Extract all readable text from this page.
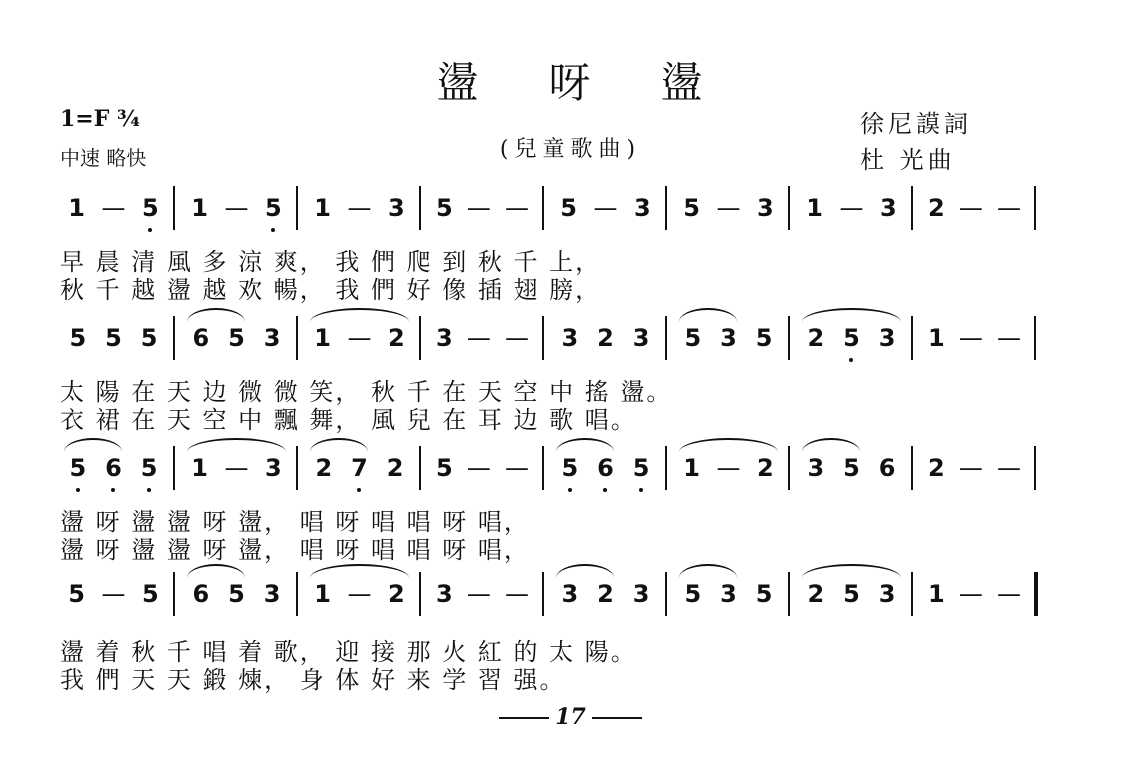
盪 呀 盪
1=F ¾
中速 略快	(兒童歌曲)
徐尼謨詞
杜 光曲
1 — 5 1 — 5 1 — 3 5 — — 5 — 3 5 — 3 1 — 3 2 — —
早 晨 清 風 多 涼 爽， 我 們 爬 到 秋 千 上，
秋 千 越 盪 越 欢 暢， 我 們 好 像 插 翅 膀，
5 5 5 6 5 3 1 — 2 3 — — 3 2 3 5 3 5 2 5 3 1 — —
太 陽 在 天 边 微 微 笑， 秋 千 在 天 空 中 搖 盪。
衣 裙 在 天 空 中 飄 舞， 風 兒 在 耳 边 歌 唱。
5 6 5 1 — 3 2 7 2 5 — — 5 6 5 1 — 2 3 5 6 2 — —
盪 呀 盪 盪 呀 盪， 唱 呀 唱 唱 呀 唱，
盪 呀 盪 盪 呀 盪， 唱 呀 唱 唱 呀 唱，
5 — 5 6 5 3 1 — 2 3 — — 3 2 3 5 3 5 2 5 3 1 — —
盪 着 秋 千 唱 着 歌， 迎 接 那 火 紅 的 太 陽。
我 們 天 天 鍛 煉， 身 体 好 来 学 習 强。
17
